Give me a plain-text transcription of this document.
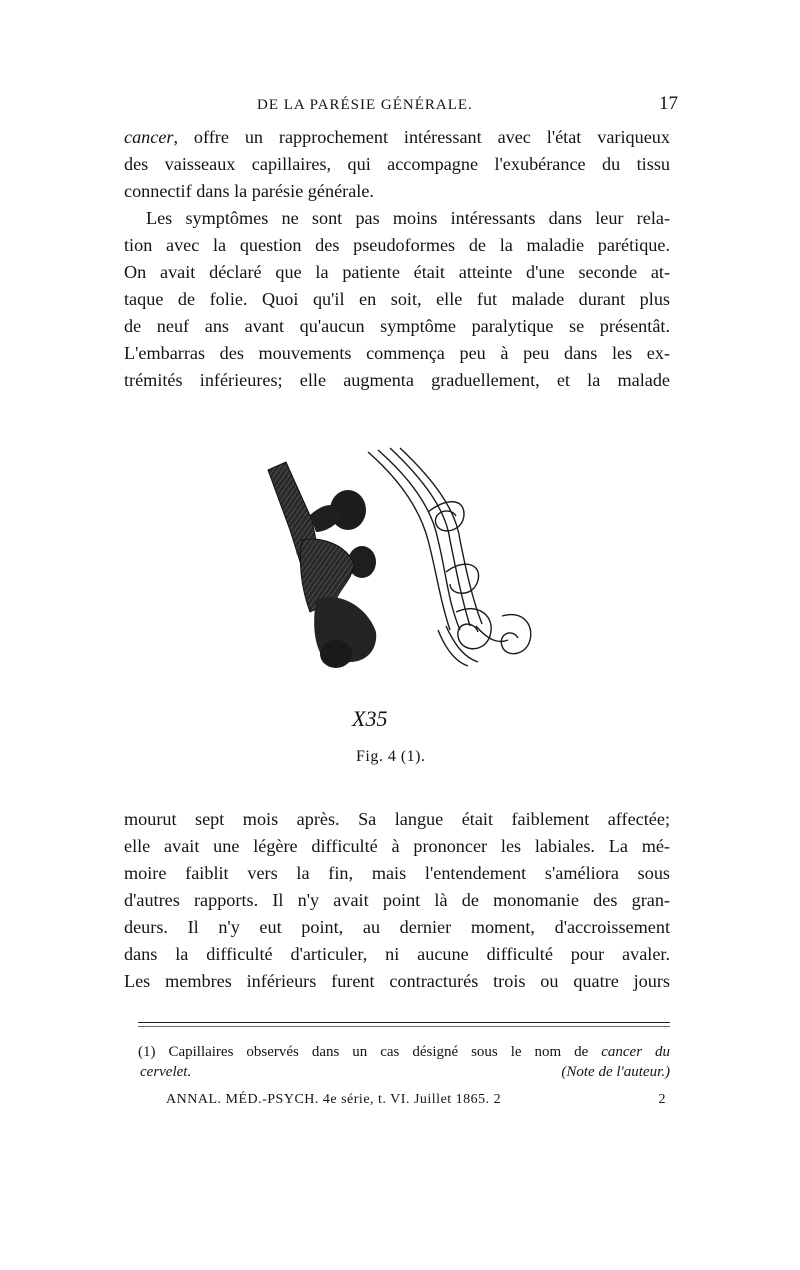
DE LA PARÉSIE GÉNÉRALE.	17
cancer, offre un rapprochement intéressant avec l'état variqueux
des vaisseaux capillaires, qui accompagne l'exubérance du tissu
connectif dans la parésie générale.
Les symptômes ne sont pas moins intéressants dans leur rela-
tion avec la question des pseudoformes de la maladie parétique.
On avait déclaré que la patiente était atteinte d'une seconde at-
taque de folie. Quoi qu'il en soit, elle fut malade durant plus
de neuf ans avant qu'aucun symptôme paralytique se présentât.
L'embarras des mouvements commença peu à peu dans les ex-
trémités inférieures; elle augmenta graduellement, et la malade
X35
Fig. 4 (1).
mourut sept mois après. Sa langue était faiblement affectée;
elle avait une légère difficulté à prononcer les labiales. La mé-
moire faiblit vers la fin, mais l'entendement s'améliora sous
d'autres rapports. Il n'y avait point là de monomanie des gran-
deurs. Il n'y eut point, au dernier moment, d'accroissement
dans la difficulté d'articuler, ni aucune difficulté pour avaler.
Les membres inférieurs furent contracturés trois ou quatre jours
(1) Capillaires observés dans un cas désigné sous le nom de cancer du
cervelet.	(Note de l'auteur.)
ANNAL. MÉD.-PSYCH. 4e série, t. VI. Juillet 1865. 2	2
